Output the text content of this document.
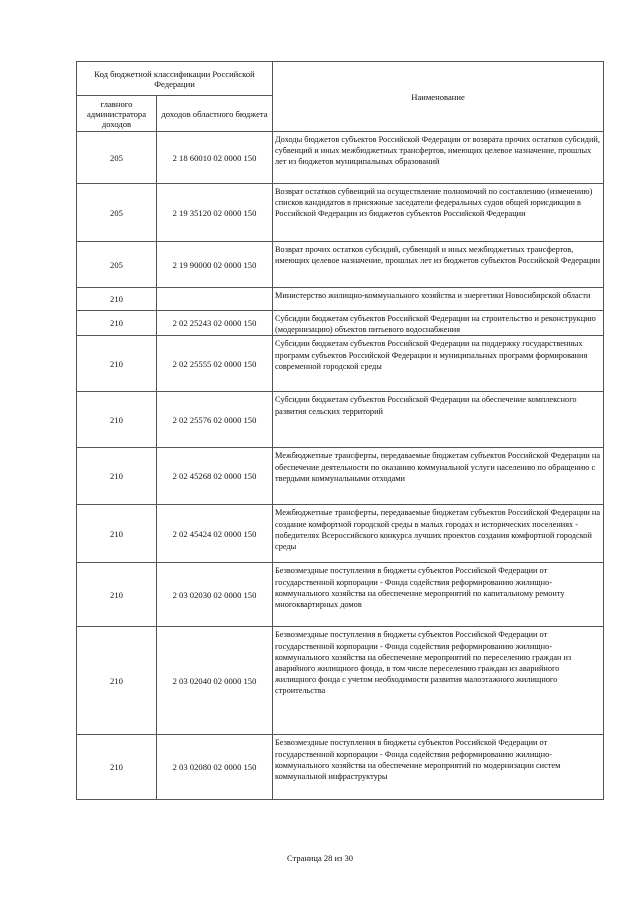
Код бюджетной классификации Российской Федерации		Наименование
главного администратора доходов	доходов областного бюджета	
205	2 18 60010 02 0000 150	Доходы бюджетов субъектов Российской Федерации от возврата прочих остатков субсидий, субвенций и иных межбюджетных трансфертов, имеющих целевое назначение, прошлых лет из бюджетов муниципальных образований
205	2 19 35120 02 0000 150	Возврат остатков субвенций на осуществление полномочий по составлению (изменению) списков кандидатов в присяжные заседатели федеральных судов общей юрисдикции в Российской Федерации из бюджетов субъектов Российской Федерации
205	2 19 90000 02 0000 150	Возврат прочих остатков субсидий, субвенций и иных межбюджетных трансфертов, имеющих целевое назначение, прошлых лет из бюджетов субъектов Российской Федерации
210		Министерство жилищно-коммунального хозяйства и энергетики Новосибирской области
210	2 02 25243 02 0000 150	Субсидии бюджетам субъектов Российской Федерации на строительство и реконструкцию (модернизацию) объектов питьевого водоснабжения
210	2 02 25555 02 0000 150	Субсидии бюджетам субъектов Российской Федерации на поддержку государственных программ субъектов Российской Федерации и муниципальных программ формирования современной городской среды
210	2 02 25576 02 0000 150	Субсидии бюджетам субъектов Российской Федерации на обеспечение комплексного развития сельских территорий
210	2 02 45268 02 0000 150	Межбюджетные трансферты, передаваемые бюджетам субъектов Российской Федерации на обеспечение деятельности по оказанию коммунальной услуги населению по обращению с твердыми коммунальными отходами
210	2 02 45424 02 0000 150	Межбюджетные трансферты, передаваемые бюджетам субъектов Российской Федерации на создание комфортной городской среды в малых городах и исторических поселениях - победителях Всероссийского конкурса лучших проектов создания комфортной городской среды
210	2 03 02030 02 0000 150	Безвозмездные поступления в бюджеты субъектов Российской Федерации от государственной корпорации - Фонда содействия реформированию жилищно-коммунального хозяйства на обеспечение мероприятий по капитальному ремонту многоквартирных домов
210	2 03 02040 02 0000 150	Безвозмездные поступления в бюджеты субъектов Российской Федерации от государственной корпорации - Фонда содействия реформированию жилищно-коммунального хозяйства на обеспечение мероприятий по переселению граждан из аварийного жилищного фонда, в том числе переселению граждан из аварийного жилищного фонда с учетом необходимости развития малоэтажного жилищного строительства
210	2 03 02080 02 0000 150	Безвозмездные поступления в бюджеты субъектов Российской Федерации от государственной корпорации - Фонда содействия реформированию жилищно-коммунального хозяйства на обеспечение мероприятий по модернизации систем коммунальной инфраструктуры
Страница 28 из 30
